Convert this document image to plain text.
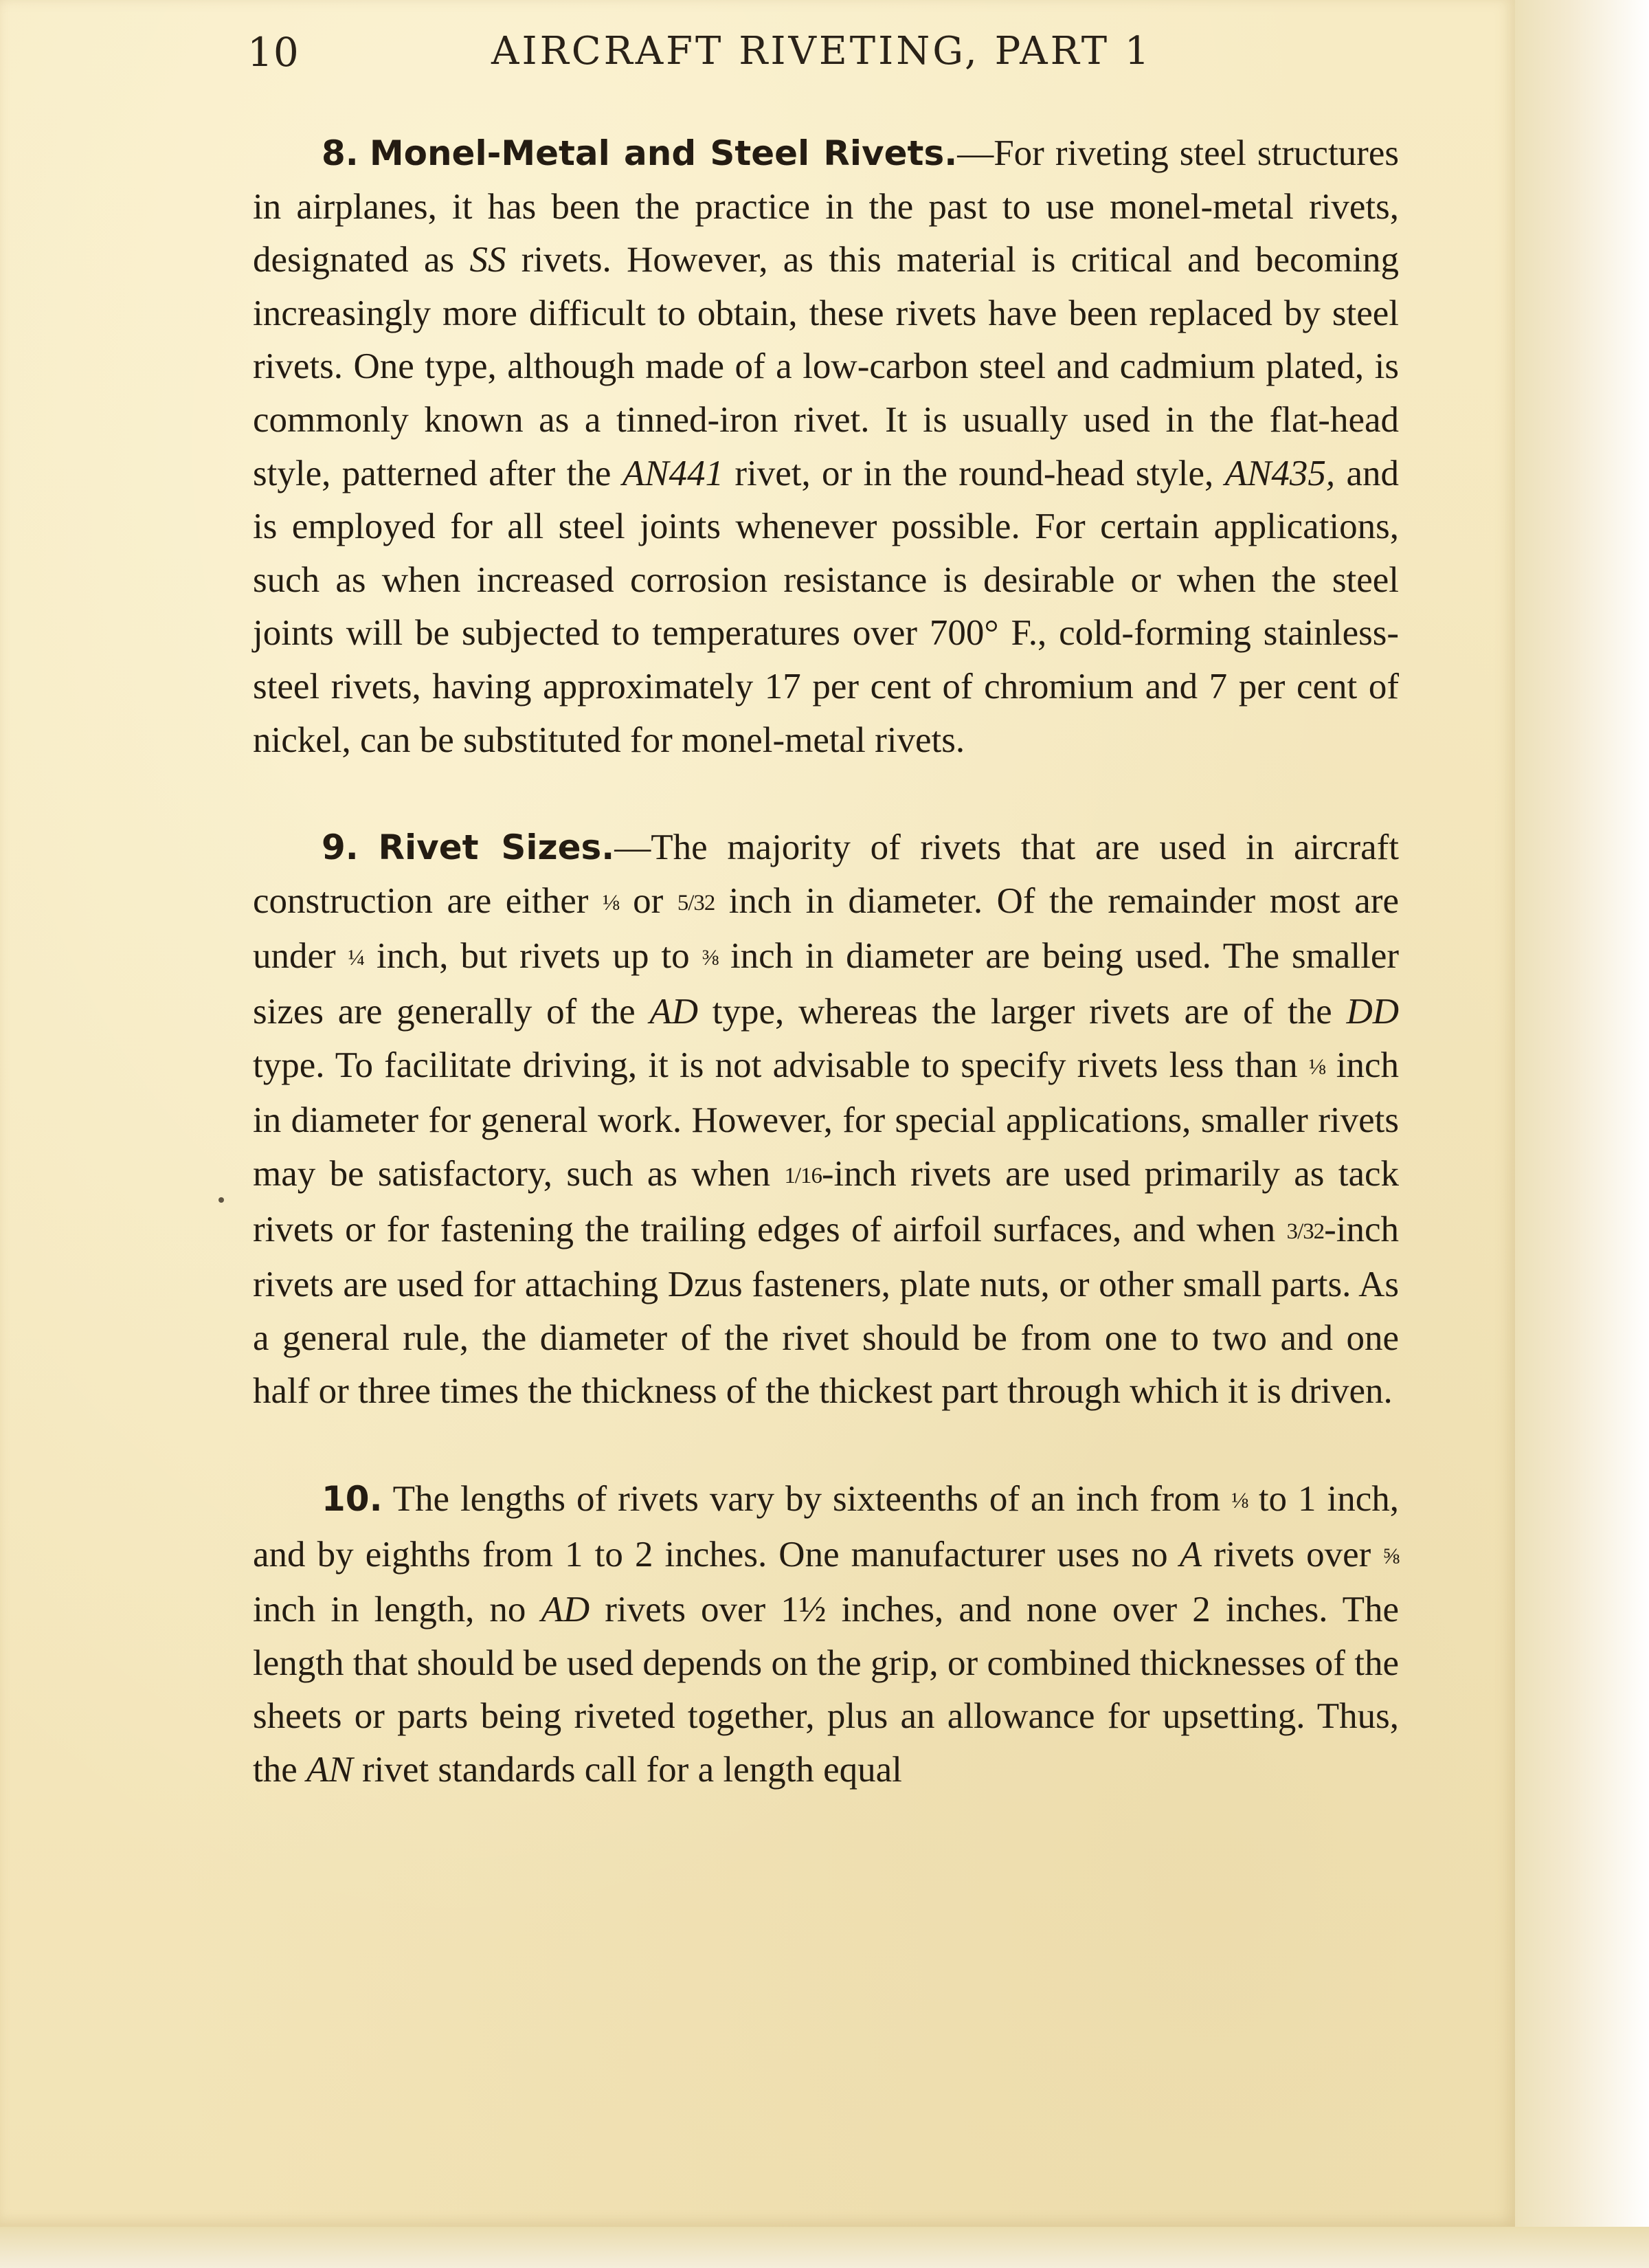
10	AIRCRAFT RIVETING, PART 1

8. Monel-Metal and Steel Rivets.—For riveting steel structures in airplanes, it has been the practice in the past to use monel-metal rivets, designated as SS rivets. However, as this material is critical and becoming increasingly more difficult to obtain, these rivets have been replaced by steel rivets. One type, although made of a low-carbon steel and cadmium plated, is commonly known as a tinned-iron rivet. It is usually used in the flat-head style, patterned after the AN441 rivet, or in the round-head style, AN435, and is employed for all steel joints whenever possible. For certain applications, such as when increased corrosion resistance is desirable or when the steel joints will be subjected to temperatures over 700° F., cold-forming stainless-steel rivets, having approximately 17 per cent of chromium and 7 per cent of nickel, can be substituted for monel-metal rivets.

9. Rivet Sizes.—The majority of rivets that are used in aircraft construction are either ⅛ or 5/32 inch in diameter. Of the remainder most are under ¼ inch, but rivets up to ⅜ inch in diameter are being used. The smaller sizes are generally of the AD type, whereas the larger rivets are of the DD type. To facilitate driving, it is not advisable to specify rivets less than ⅛ inch in diameter for general work. However, for special applications, smaller rivets may be satisfactory, such as when 1/16-inch rivets are used primarily as tack rivets or for fastening the trailing edges of airfoil surfaces, and when 3/32-inch rivets are used for attaching Dzus fasteners, plate nuts, or other small parts. As a general rule, the diameter of the rivet should be from one to two and one half or three times the thickness of the thickest part through which it is driven.

10. The lengths of rivets vary by sixteenths of an inch from ⅛ to 1 inch, and by eighths from 1 to 2 inches. One manufacturer uses no A rivets over ⅝ inch in length, no AD rivets over 1½ inches, and none over 2 inches. The length that should be used depends on the grip, or combined thicknesses of the sheets or parts being riveted together, plus an allowance for upsetting. Thus, the AN rivet standards call for a length equal
